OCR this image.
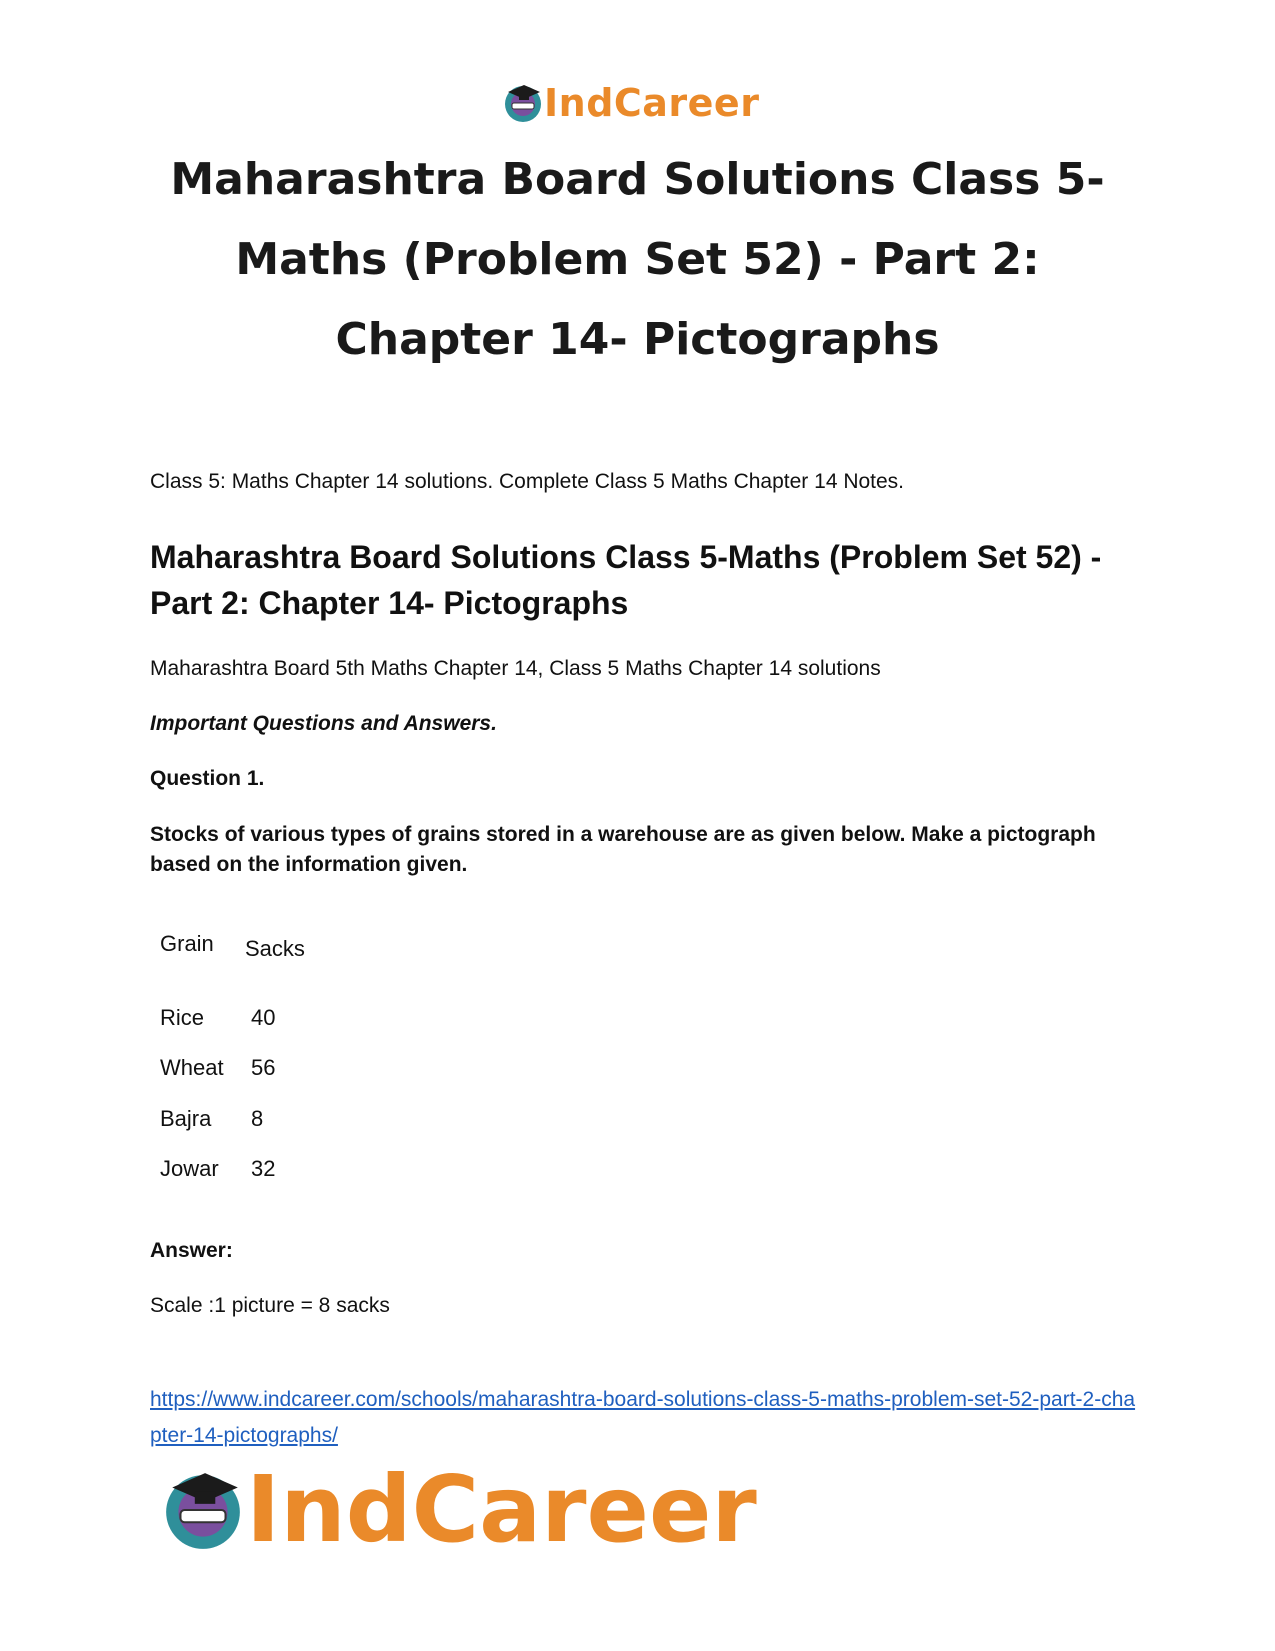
IndCareer
Maharashtra Board Solutions Class 5-Maths (Problem Set 52) - Part 2: Chapter 14- Pictographs

Class 5: Maths Chapter 14 solutions. Complete Class 5 Maths Chapter 14 Notes.

Maharashtra Board Solutions Class 5-Maths (Problem Set 52) - Part 2: Chapter 14- Pictographs

Maharashtra Board 5th Maths Chapter 14, Class 5 Maths Chapter 14 solutions

Important Questions and Answers.

Question 1.

Stocks of various types of grains stored in a warehouse are as given below. Make a pictograph based on the information given.

Grain Sacks
Rice 40
Wheat 56
Bajra 8
Jowar 32

Answer:

Scale :1 picture = 8 sacks

https://www.indcareer.com/schools/maharashtra-board-solutions-class-5-maths-problem-set-52-part-2-chapter-14-pictographs/
IndCareer
